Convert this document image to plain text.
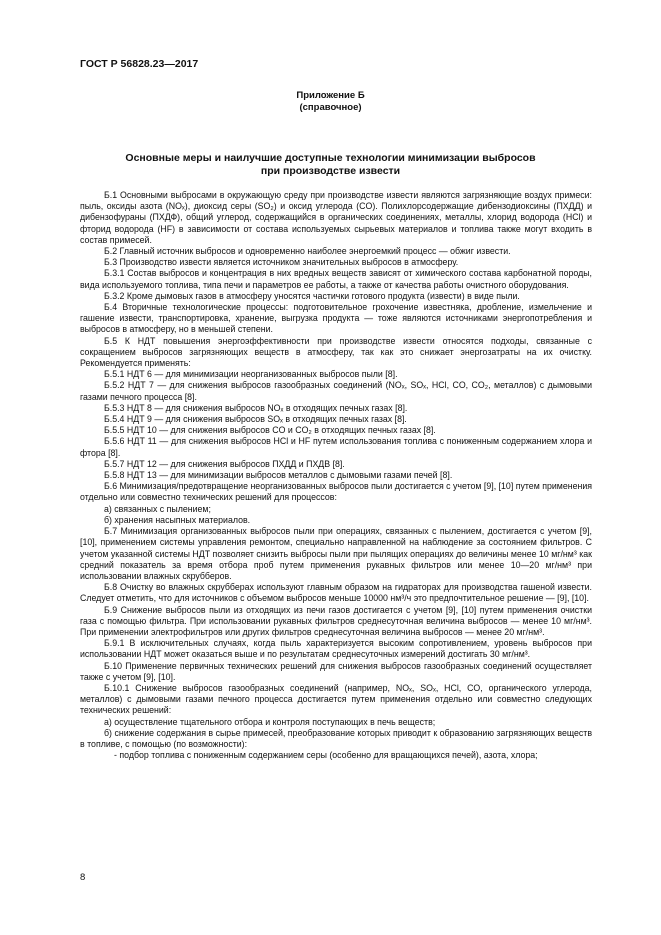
ГОСТ Р 56828.23—2017
Приложение Б
(справочное)
Основные меры и наилучшие доступные технологии минимизации выбросов
при производстве извести

Б.1 Основными выбросами в окружающую среду при производстве извести являются загрязняющие воздух примеси: пыль, оксиды азота (NOₓ), диоксид серы (SO₂) и оксид углерода (CO). Полихлорсодержащие дибензодиоксины (ПХДД) и дибензофураны (ПХДФ), общий углерод, содержащийся в органических соединениях, металлы, хлорид водорода (HCl) и фторид водорода (HF) в зависимости от состава используемых сырьевых материалов и топлива также могут входить в состав примесей.

Б.2 Главный источник выбросов и одновременно наиболее энергоемкий процесс — обжиг извести.

Б.3 Производство извести является источником значительных выбросов в атмосферу.

Б.3.1 Состав выбросов и концентрация в них вредных веществ зависят от химического состава карбонатной породы, вида используемого топлива, типа печи и параметров ее работы, а также от качества работы очистного оборудования.

Б.3.2 Кроме дымовых газов в атмосферу уносятся частички готового продукта (извести) в виде пыли.

Б.4 Вторичные технологические процессы: подготовительное грохочение известняка, дробление, измельчение и гашение извести, транспортировка, хранение, выгрузка продукта — тоже являются источниками энергопотребления и выбросов в атмосферу, но в меньшей степени.

Б.5 К НДТ повышения энергоэффективности при производстве извести относятся подходы, связанные с сокращением выбросов загрязняющих веществ в атмосферу, так как это снижает энергозатраты на их очистку. Рекомендуется применять:

Б.5.1 НДТ 6 — для минимизации неорганизованных выбросов пыли [8].

Б.5.2 НДТ 7 — для снижения выбросов газообразных соединений (NOₓ, SOₓ, HCl, CO, CO₂, металлов) с дымовыми газами печного процесса [8].

Б.5.3 НДТ 8 — для снижения выбросов NOₓ в отходящих печных газах [8].

Б.5.4 НДТ 9 — для снижения выбросов SOₓ в отходящих печных газах [8].

Б.5.5 НДТ 10 — для снижения выбросов CO и CO₂ в отходящих печных газах [8].

Б.5.6 НДТ 11 — для снижения выбросов HCl и HF путем использования топлива с пониженным содержанием хлора и фтора [8].

Б.5.7 НДТ 12 — для снижения выбросов ПХДД и ПХДВ [8].

Б.5.8 НДТ 13 — для минимизации выбросов металлов с дымовыми газами печей [8].

Б.6 Минимизация/предотвращение неорганизованных выбросов пыли достигается с учетом [9], [10] путем применения отдельно или совместно технических решений для процессов:

а) связанных с пылением;

б) хранения насыпных материалов.

Б.7 Минимизация организованных выбросов пыли при операциях, связанных с пылением, достигается с учетом [9], [10], применением системы управления ремонтом, специально направленной на наблюдение за состоянием фильтров. С учетом указанной системы НДТ позволяет снизить выбросы пыли при пылящих операциях до величины менее 10 мг/нм³ как средний показатель за время отбора проб путем применения рукавных фильтров или менее 10—20 мг/нм³ при использовании влажных скрубберов.

Б.8 Очистку во влажных скрубберах используют главным образом на гидраторах для производства гашеной извести. Следует отметить, что для источников с объемом выбросов меньше 10000 нм³/ч это предпочтительное решение — [9], [10].

Б.9 Снижение выбросов пыли из отходящих из печи газов достигается с учетом [9], [10] путем применения очистки газа с помощью фильтра. При использовании рукавных фильтров среднесуточная величина выбросов — менее 10 мг/нм³. При применении электрофильтров или других фильтров среднесуточная величина выбросов — менее 20 мг/нм³.

Б.9.1 В исключительных случаях, когда пыль характеризуется высоким сопротивлением, уровень выбросов при использовании НДТ может оказаться выше и по результатам среднесуточных измерений достигать 30 мг/нм³.

Б.10 Применение первичных технических решений для снижения выбросов газообразных соединений осуществляет также с учетом [9], [10].

Б.10.1 Снижение выбросов газообразных соединений (например, NOₓ, SOₓ, HCl, CO, органического углерода, металлов) с дымовыми газами печного процесса достигается путем применения отдельно или совместно следующих технических решений:

а) осуществление тщательного отбора и контроля поступающих в печь веществ;

б) снижение содержания в сырье примесей, преобразование которых приводит к образованию загрязняющих веществ в топливе, с помощью (по возможности):

- подбор топлива с пониженным содержанием серы (особенно для вращающихся печей), азота, хлора;

8
